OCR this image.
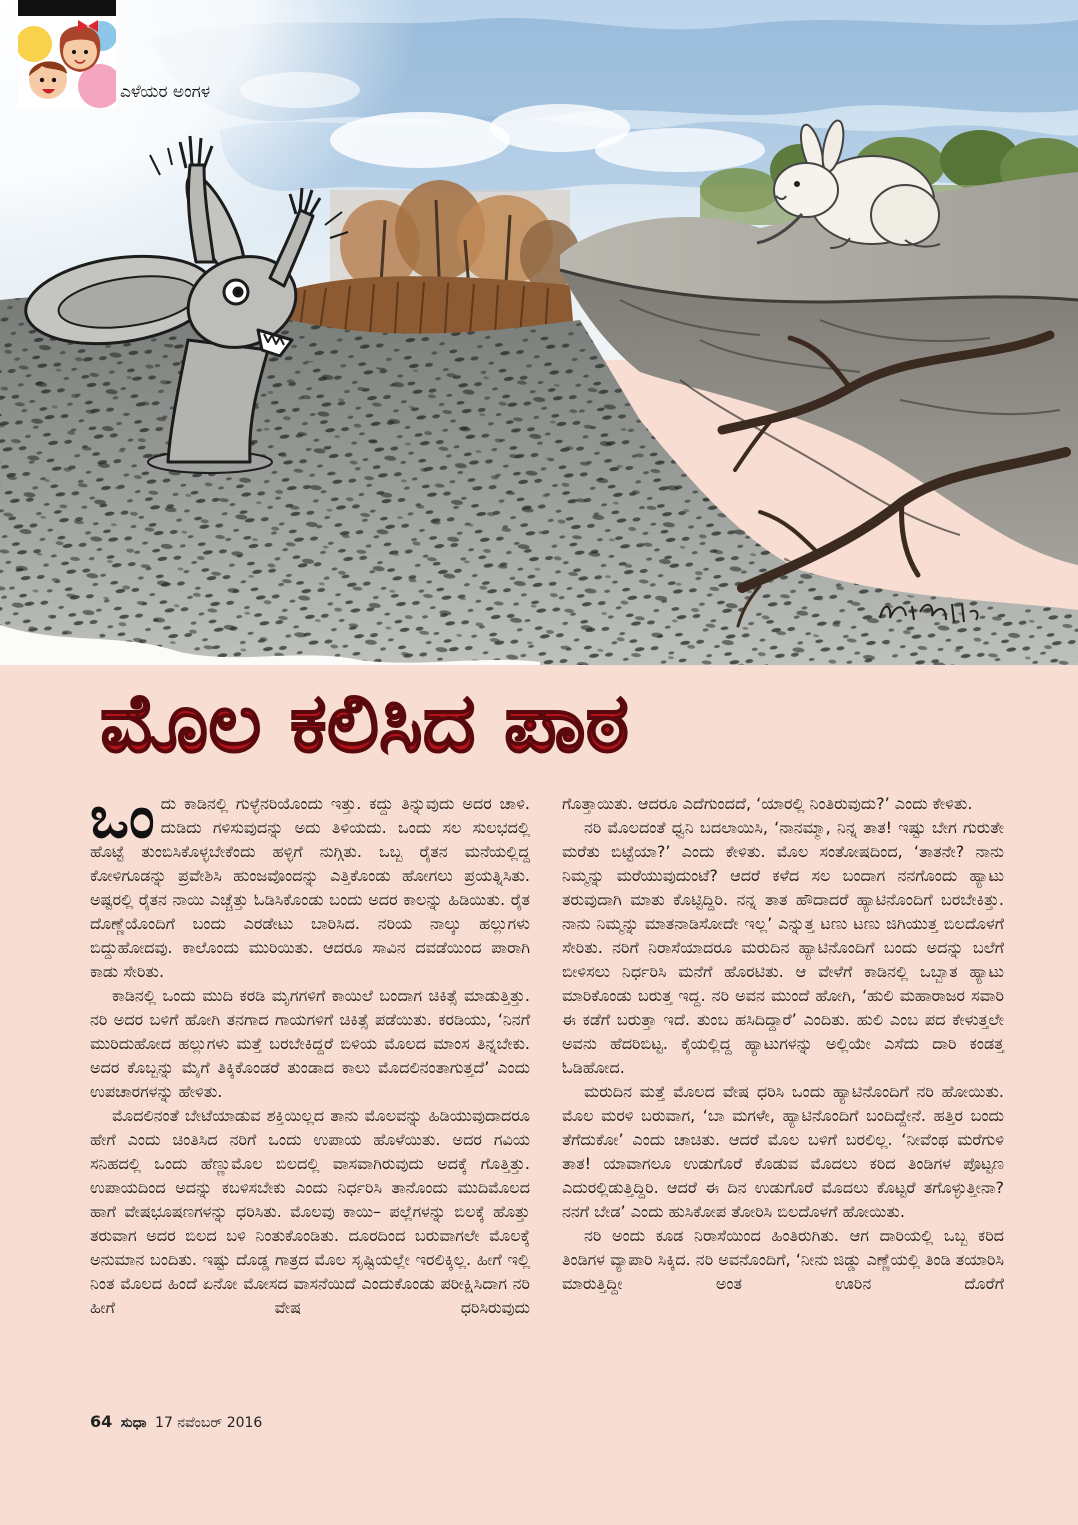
ಎಳೆಯರ ಅಂಗಳ
ಮೊಲ ಕಲಿಸಿದ ಪಾಠ

ಒಂದು ಕಾಡಿನಲ್ಲಿ ಗುಳ್ಳೆನರಿಯೊಂದು ಇತ್ತು. ಕದ್ದು ತಿನ್ನುವುದು ಅದರ ಚಾಳಿ. ದುಡಿದು ಗಳಿಸುವುದನ್ನು ಅದು ತಿಳಿಯದು. ಒಂದು ಸಲ ಸುಲಭದಲ್ಲಿ ಹೊಟ್ಟೆ ತುಂಬಿಸಿಕೊಳ್ಳಬೇಕೆಂದು ಹಳ್ಳಿಗೆ ನುಗ್ಗಿತು. ಒಬ್ಬ ರೈತನ ಮನೆಯಲ್ಲಿದ್ದ ಕೋಳಿಗೂಡನ್ನು ಪ್ರವೇಶಿಸಿ ಹುಂಜವೊಂದನ್ನು ಎತ್ತಿಕೊಂಡು ಹೋಗಲು ಪ್ರಯತ್ನಿಸಿತು. ಅಷ್ಟರಲ್ಲಿ ರೈತನ ನಾಯಿ ಎಚ್ಚೆತ್ತು ಓಡಿಸಿಕೊಂಡು ಬಂದು ಅದರ ಕಾಲನ್ನು ಹಿಡಿಯಿತು. ರೈತ ದೊಣ್ಣೆಯೊಂದಿಗೆ ಬಂದು ಎರಡೇಟು ಬಾರಿಸಿದ. ನರಿಯ ನಾಲ್ಕು ಹಲ್ಲುಗಳು ಬಿದ್ದುಹೋದವು. ಕಾಲೊಂದು ಮುರಿಯಿತು. ಆದರೂ ಸಾವಿನ ದವಡೆಯಿಂದ ಪಾರಾಗಿ ಕಾಡು ಸೇರಿತು.

ಕಾಡಿನಲ್ಲಿ ಒಂದು ಮುದಿ ಕರಡಿ ಮೃಗಗಳಿಗೆ ಕಾಯಿಲೆ ಬಂದಾಗ ಚಿಕಿತ್ಸೆ ಮಾಡುತ್ತಿತ್ತು. ನರಿ ಅದರ ಬಳಿಗೆ ಹೋಗಿ ತನಗಾದ ಗಾಯಗಳಿಗೆ ಚಿಕಿತ್ಸೆ ಪಡೆಯಿತು. ಕರಡಿಯು, ‘ನಿನಗೆ ಮುರಿದುಹೋದ ಹಲ್ಲುಗಳು ಮತ್ತೆ ಬರಬೇಕಿದ್ದರೆ ಬಿಳಿಯ ಮೊಲದ ಮಾಂಸ ತಿನ್ನಬೇಕು. ಅದರ ಕೊಬ್ಬನ್ನು ಮೈಗೆ ತಿಕ್ಕಿಕೊಂಡರೆ ತುಂಡಾದ ಕಾಲು ಮೊದಲಿನಂತಾಗುತ್ತದೆ’ ಎಂದು ಉಪಚಾರಗಳನ್ನು ಹೇಳಿತು.

ಮೊದಲಿನಂತೆ ಬೇಟೆಯಾಡುವ ಶಕ್ತಿಯಿಲ್ಲದ ತಾನು ಮೊಲವನ್ನು ಹಿಡಿಯುವುದಾದರೂ ಹೇಗೆ ಎಂದು ಚಿಂತಿಸಿದ ನರಿಗೆ ಒಂದು ಉಪಾಯ ಹೊಳೆಯಿತು. ಅದರ ಗವಿಯ ಸನಿಹದಲ್ಲಿ ಒಂದು ಹೆಣ್ಣುಮೊಲ ಬಿಲದಲ್ಲಿ ವಾಸವಾಗಿರುವುದು ಅದಕ್ಕೆ ಗೊತ್ತಿತ್ತು. ಉಪಾಯದಿಂದ ಅದನ್ನು ಕಬಳಿಸಬೇಕು ಎಂದು ನಿರ್ಧರಿಸಿ ತಾನೊಂದು ಮುದಿಮೊಲದ ಹಾಗೆ ವೇಷಭೂಷಣಗಳನ್ನು ಧರಿಸಿತು. ಮೊಲವು ಕಾಯಿ– ಪಲ್ಲೆಗಳನ್ನು ಬಿಲಕ್ಕೆ ಹೊತ್ತು ತರುವಾಗ ಅದರ ಬಿಲದ ಬಳಿ ನಿಂತುಕೊಂಡಿತು. ದೂರದಿಂದ ಬರುವಾಗಲೇ ಮೊಲಕ್ಕೆ ಅನುಮಾನ ಬಂದಿತು. ಇಷ್ಟು ದೊಡ್ಡ ಗಾತ್ರದ ಮೊಲ ಸೃಷ್ಟಿಯಲ್ಲೇ ಇರಲಿಕ್ಕಿಲ್ಲ. ಹೀಗೆ ಇಲ್ಲಿ ನಿಂತ ಮೊಲದ ಹಿಂದೆ ಏನೋ ಮೋಸದ ವಾಸನೆಯಿದೆ ಎಂದುಕೊಂಡು ಪರೀಕ್ಷಿಸಿದಾಗ ನರಿ ಹೀಗೆ ವೇಷ ಧರಿಸಿರುವುದು

ಗೊತ್ತಾಯಿತು. ಆದರೂ ಎದೆಗುಂದದೆ, ‘ಯಾರಲ್ಲಿ ನಿಂತಿರುವುದು?’ ಎಂದು ಕೇಳಿತು.

ನರಿ ಮೊಲದಂತೆ ಧ್ವನಿ ಬದಲಾಯಿಸಿ, ‘ನಾನಮ್ಮಾ, ನಿನ್ನ ತಾತ! ಇಷ್ಟು ಬೇಗ ಗುರುತೇ ಮರೆತು ಬಿಟ್ಟೆಯಾ?’ ಎಂದು ಕೇಳಿತು. ಮೊಲ ಸಂತೋಷದಿಂದ, ‘ತಾತನೇ? ನಾನು ನಿಮ್ಮನ್ನು ಮರೆಯುವುದುಂಟೆ? ಆದರೆ ಕಳೆದ ಸಲ ಬಂದಾಗ ನನಗೊಂದು ಹ್ಯಾಟು ತರುವುದಾಗಿ ಮಾತು ಕೊಟ್ಟಿದ್ದಿರಿ. ನನ್ನ ತಾತ ಹೌದಾದರೆ ಹ್ಯಾಟಿನೊಂದಿಗೆ ಬರಬೇಕಿತ್ತು. ನಾನು ನಿಮ್ಮನ್ನು ಮಾತನಾಡಿಸೋದೇ ಇಲ್ಲ’ ಎನ್ನುತ್ತ ಟಣು ಟಣು ಜಿಗಿಯುತ್ತ ಬಿಲದೊಳಗೆ ಸೇರಿತು. ನರಿಗೆ ನಿರಾಸೆಯಾದರೂ ಮರುದಿನ ಹ್ಯಾಟಿನೊಂದಿಗೆ ಬಂದು ಅದನ್ನು ಬಲೆಗೆ ಬೀಳಿಸಲು ನಿರ್ಧರಿಸಿ ಮನೆಗೆ ಹೊರಟಿತು. ಆ ವೇಳೆಗೆ ಕಾಡಿನಲ್ಲಿ ಒಬ್ಬಾತ ಹ್ಯಾಟು ಮಾರಿಕೊಂಡು ಬರುತ್ತ ಇದ್ದ. ನರಿ ಅವನ ಮುಂದೆ ಹೋಗಿ, ‘ಹುಲಿ ಮಹಾರಾಜರ ಸವಾರಿ ಈ ಕಡೆಗೆ ಬರುತ್ತಾ ಇದೆ. ತುಂಬ ಹಸಿದಿದ್ದಾರೆ’ ಎಂದಿತು. ಹುಲಿ ಎಂಬ ಪದ ಕೇಳುತ್ತಲೇ ಅವನು ಹೆದರಿಬಿಟ್ಟ. ಕೈಯಲ್ಲಿದ್ದ ಹ್ಯಾಟುಗಳನ್ನು ಅಲ್ಲಿಯೇ ಎಸೆದು ದಾರಿ ಕಂಡತ್ತ ಓಡಿಹೋದ.

ಮರುದಿನ ಮತ್ತೆ ಮೊಲದ ವೇಷ ಧರಿಸಿ ಒಂದು ಹ್ಯಾಟಿನೊಂದಿಗೆ ನರಿ ಹೋಯಿತು. ಮೊಲ ಮರಳಿ ಬರುವಾಗ, ‘ಬಾ ಮಗಳೇ, ಹ್ಯಾಟಿನೊಂದಿಗೆ ಬಂದಿದ್ದೇನೆ. ಹತ್ತಿರ ಬಂದು ತೆಗೆದುಕೋ’ ಎಂದು ಚಾಚಿತು. ಆದರೆ ಮೊಲ ಬಳಿಗೆ ಬರಲಿಲ್ಲ. ‘ನೀವೆಂಥ ಮರೆಗುಳಿ ತಾತ! ಯಾವಾಗಲೂ ಉಡುಗೊರೆ ಕೊಡುವ ಮೊದಲು ಕರಿದ ತಿಂಡಿಗಳ ಪೊಟ್ಟಣ ಎದುರಲ್ಲಿಡುತ್ತಿದ್ದಿರಿ. ಆದರೆ ಈ ದಿನ ಉಡುಗೊರೆ ಮೊದಲು ಕೊಟ್ಟರೆ ತಗೊಳ್ಳುತ್ತೀನಾ? ನನಗೆ ಬೇಡ’ ಎಂದು ಹುಸಿಕೋಪ ತೋರಿಸಿ ಬಿಲದೊಳಗೆ ಹೋಯಿತು.

ನರಿ ಅಂದು ಕೂಡ ನಿರಾಸೆಯಿಂದ ಹಿಂತಿರುಗಿತು. ಆಗ ದಾರಿಯಲ್ಲಿ ಒಬ್ಬ ಕರಿದ ತಿಂಡಿಗಳ ವ್ಯಾಪಾರಿ ಸಿಕ್ಕಿದ. ನರಿ ಅವನೊಂದಿಗೆ, ‘ನೀನು ಜಿಡ್ಡು ಎಣ್ಣೆಯಲ್ಲಿ ತಿಂಡಿ ತಯಾರಿಸಿ ಮಾರುತ್ತಿದ್ದೀ ಅಂತ ಊರಿನ ದೊರೆಗೆ

64 ಸುಧಾ 17 ನವೆಂಬರ್ 2016
